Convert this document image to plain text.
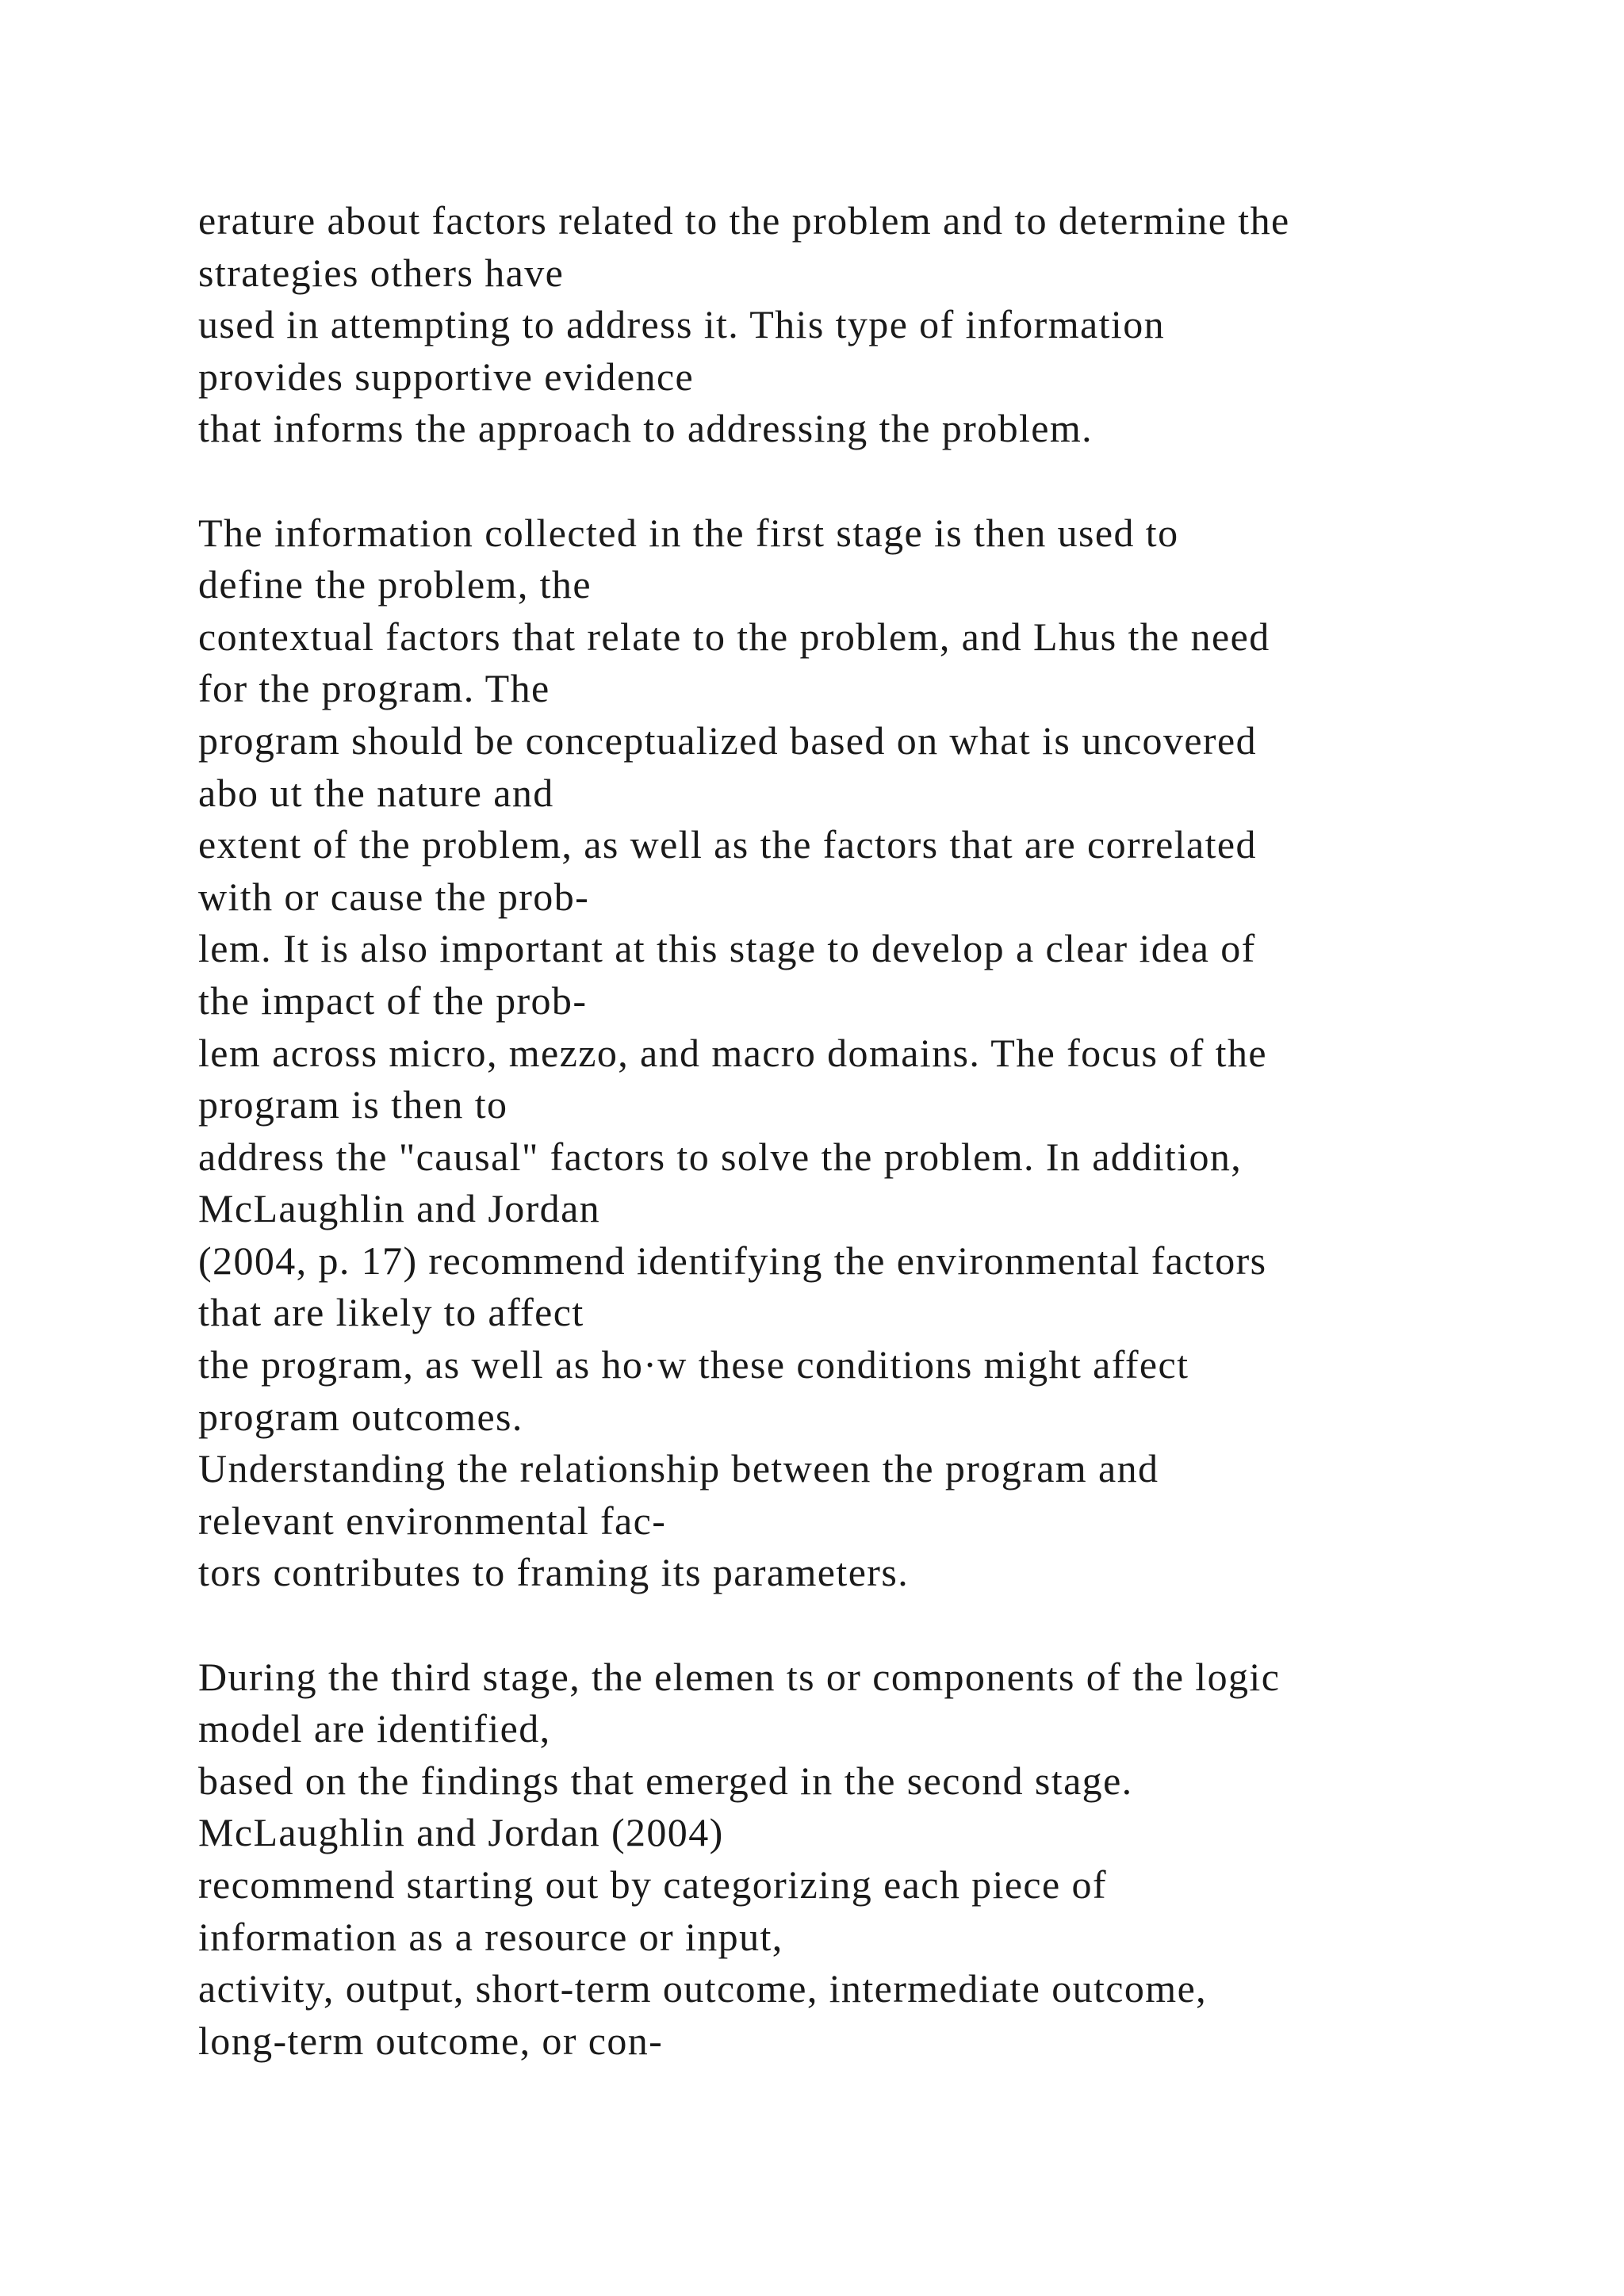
erature about factors related to the problem and to determine the
strategies others have
used in attempting to address it. This type of information
provides supportive evidence
that informs the approach to addressing the problem.
The information collected in the first stage is then used to
define the problem, the
contextual factors that relate to the problem, and Lhus the need
for the program. The
program should be conceptualized based on what is uncovered
abo ut the nature and
extent of the problem, as well as the factors that are correlated
with or cause the prob-
lem. It is also important at this stage to develop a clear idea of
the impact of the prob-
lem across micro, mezzo, and macro domains. The focus of the
program is then to
address the "causal" factors to solve the problem. In addition,
McLaughlin and Jordan
(2004, p. 17) recommend identifying the environmental factors
that are likely to affect
the program, as well as ho·w these conditions might affect
program outcomes.
Understanding the relationship between the program and
relevant environmental fac-
tors contributes to framing its parameters.
During the third stage, the elemen ts or components of the logic
model are identified,
based on the findings that emerged in the second stage.
McLaughlin and Jordan (2004)
recommend starting out by categorizing each piece of
information as a resource or input,
activity, output, short-term outcome, intermediate outcome,
long-term outcome, or con-
